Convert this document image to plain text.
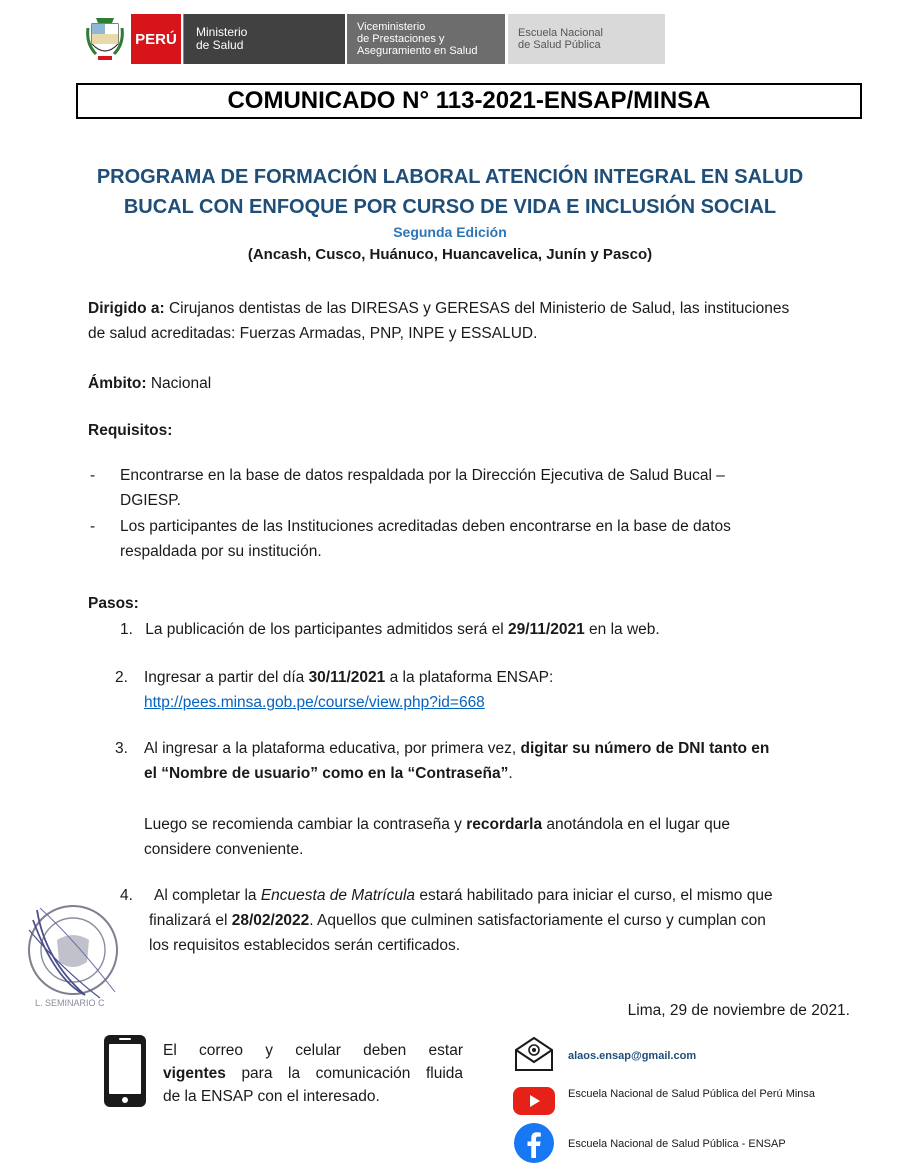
PERÚ Ministerio
de Salud
Viceministerio
de Prestaciones y
Aseguramiento en Salud
Escuela Nacional
de Salud Pública
COMUNICADO N° 113-2021-ENSAP/MINSA
PROGRAMA DE FORMACIÓN LABORAL ATENCIÓN INTEGRAL EN SALUD
BUCAL CON ENFOQUE POR CURSO DE VIDA E INCLUSIÓN SOCIAL
Segunda Edición
(Ancash, Cusco, Huánuco, Huancavelica, Junín y Pasco)
Dirigido a: Cirujanos dentistas de las DIRESAS y GERESAS del Ministerio de Salud, las instituciones
de salud acreditadas: Fuerzas Armadas, PNP, INPE y ESSALUD.
Ámbito: Nacional
Requisitos:
- Encontrarse en la base de datos respaldada por la Dirección Ejecutiva de Salud Bucal –
DGIESP.
- Los participantes de las Instituciones acreditadas deben encontrarse en la base de datos
respaldada por su institución.
Pasos:
1. La publicación de los participantes admitidos será el 29/11/2021 en la web.
2. Ingresar a partir del día 30/11/2021 a la plataforma ENSAP:
http://pees.minsa.gob.pe/course/view.php?id=668
3. Al ingresar a la plataforma educativa, por primera vez, digitar su número de DNI tanto en
el “Nombre de usuario” como en la “Contraseña”.
Luego se recomienda cambiar la contraseña y recordarla anotándola en el lugar que
considere conveniente.
4. Al completar la Encuesta de Matrícula estará habilitado para iniciar el curso, el mismo que
finalizará el 28/02/2022. Aquellos que culminen satisfactoriamente el curso y cumplan con
los requisitos establecidos serán certificados.
L. SEMINARIO C	Lima, 29 de noviembre de 2021.
El correo y celular deben estar
vigentes para la comunicación fluida
de la ENSAP con el interesado.
alaos.ensap@gmail.com
Escuela Nacional de Salud Pública del Perú Minsa
Escuela Nacional de Salud Pública - ENSAP
